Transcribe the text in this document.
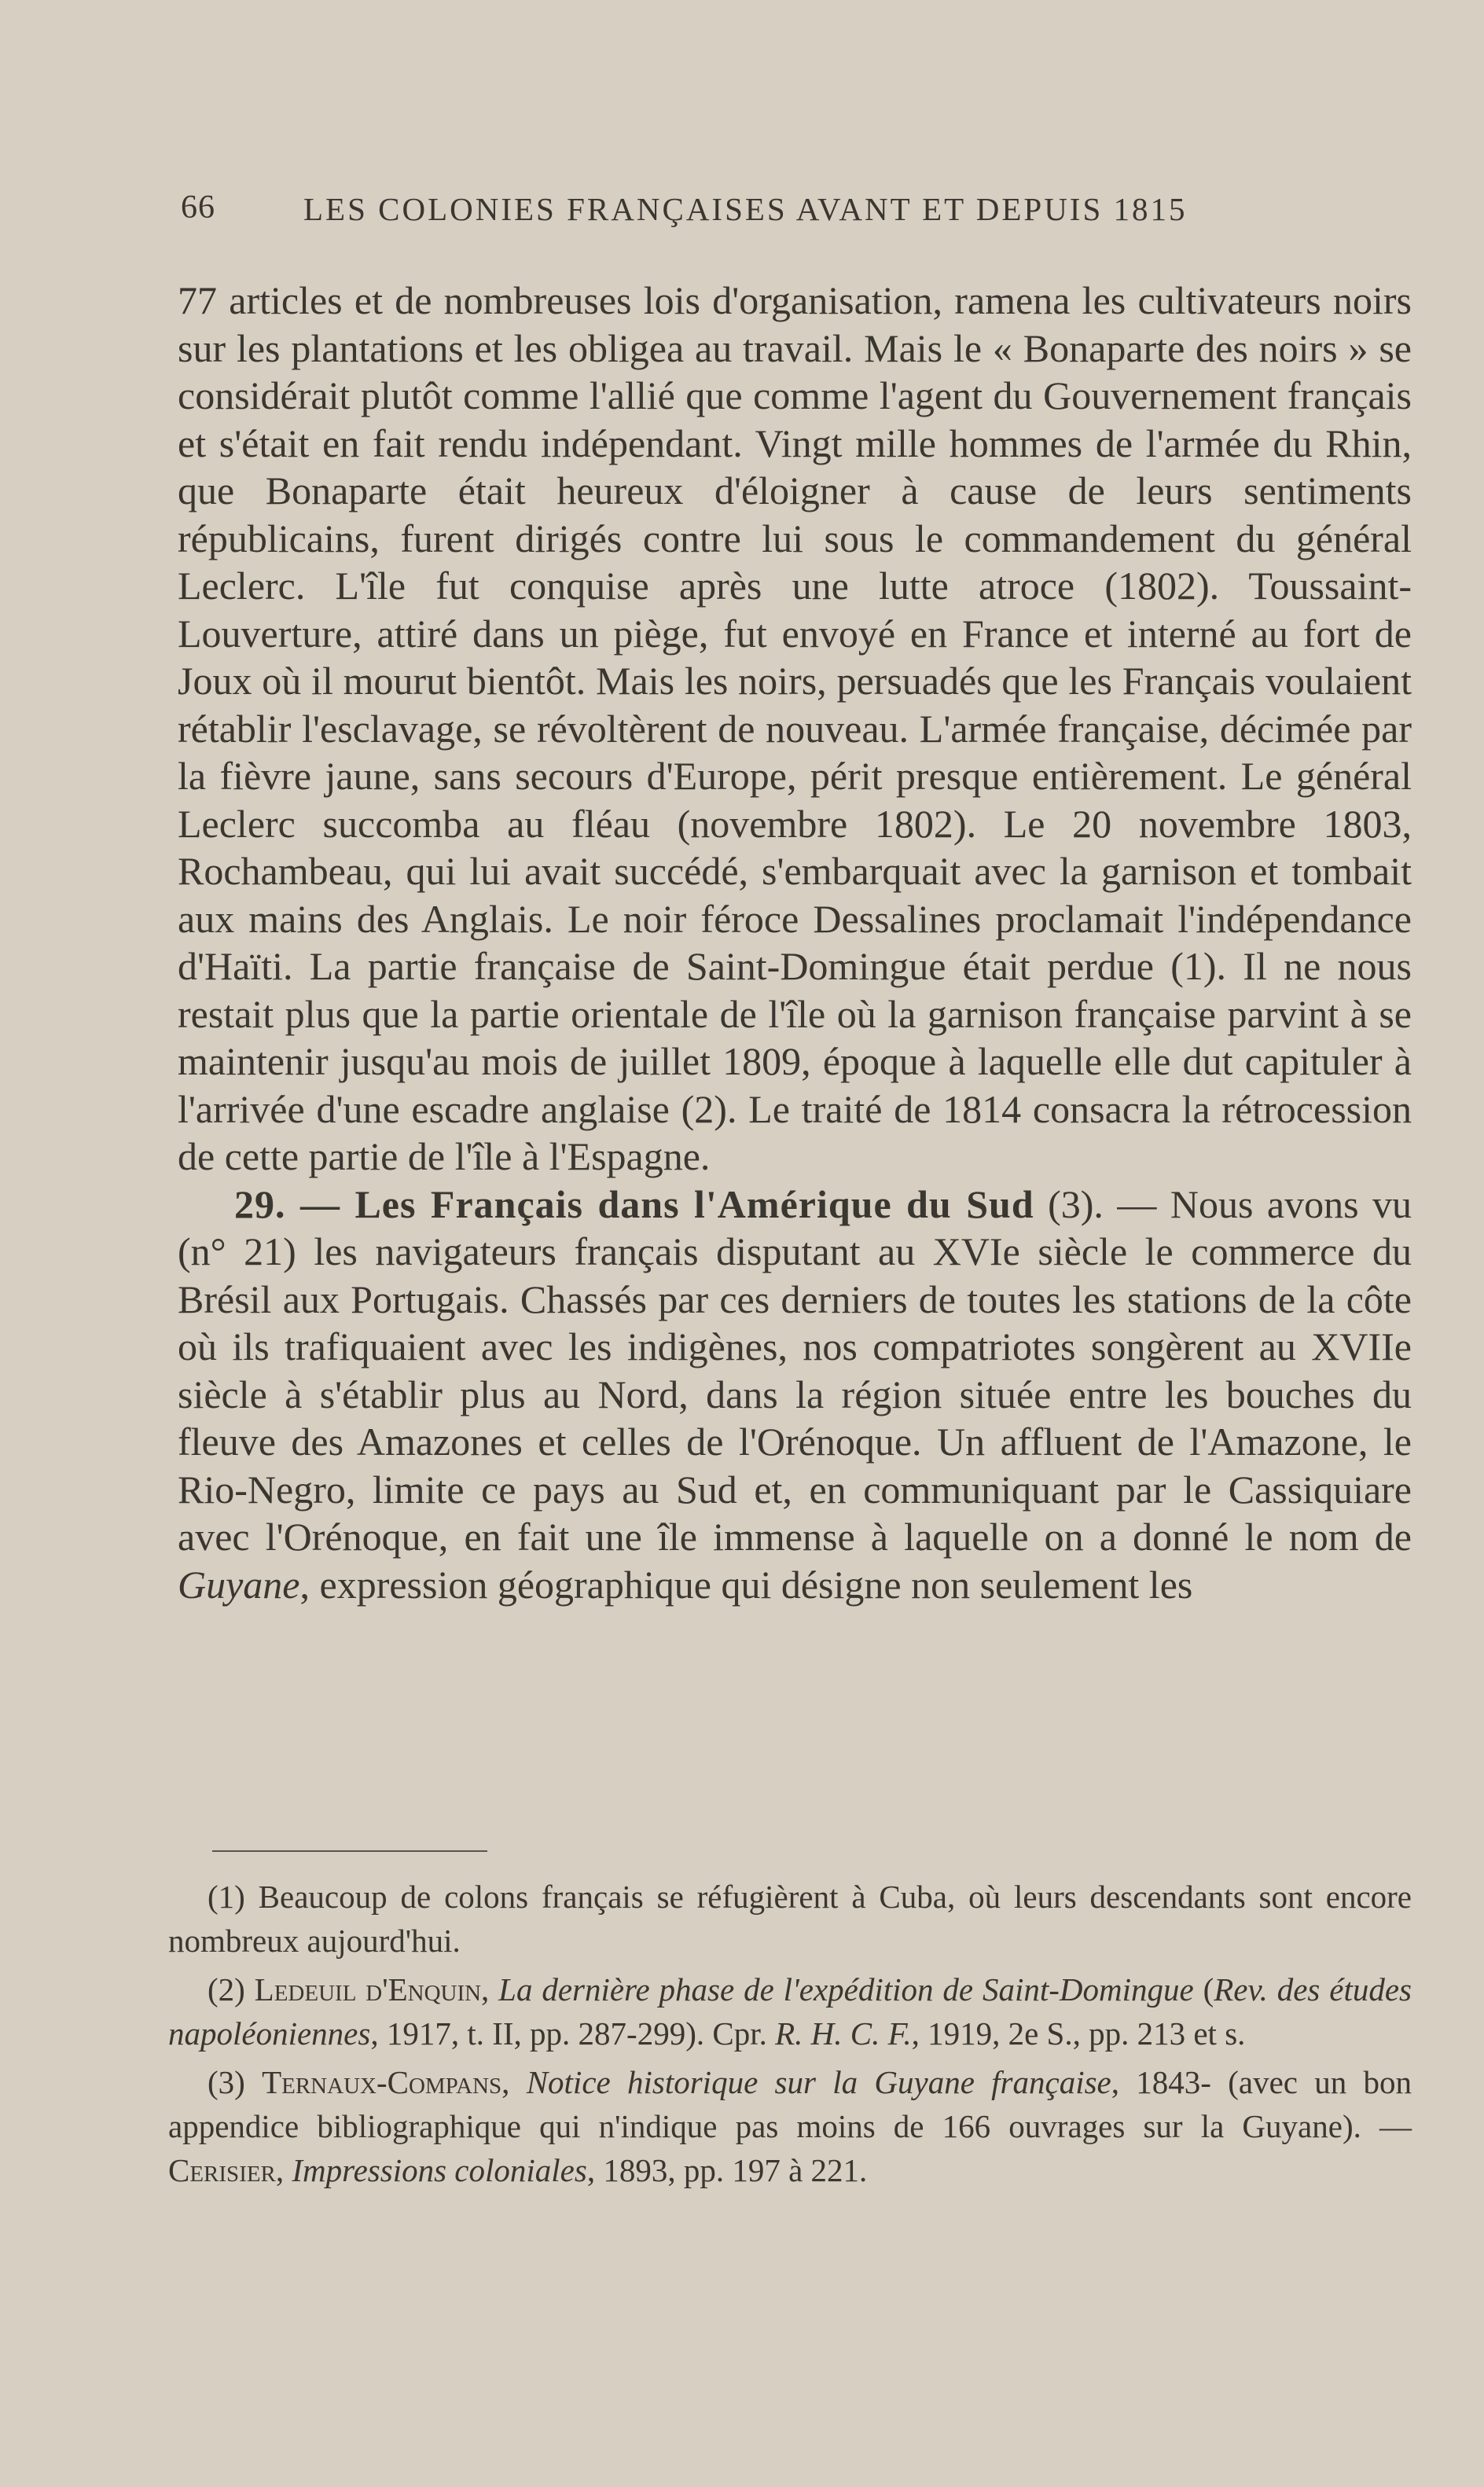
66	LES COLONIES FRANÇAISES AVANT ET DEPUIS 1815

77 articles et de nombreuses lois d'organisation, ramena les cultivateurs noirs sur les plantations et les obligea au travail. Mais le « Bonaparte des noirs » se considérait plutôt comme l'allié que comme l'agent du Gouvernement français et s'était en fait rendu indépendant. Vingt mille hommes de l'armée du Rhin, que Bonaparte était heureux d'éloigner à cause de leurs sentiments républicains, furent dirigés contre lui sous le commandement du général Leclerc. L'île fut conquise après une lutte atroce (1802). Toussaint-Louverture, attiré dans un piège, fut envoyé en France et interné au fort de Joux où il mourut bientôt. Mais les noirs, persuadés que les Français voulaient rétablir l'esclavage, se révoltèrent de nouveau. L'armée française, décimée par la fièvre jaune, sans secours d'Europe, périt presque entièrement. Le général Leclerc succomba au fléau (novembre 1802). Le 20 novembre 1803, Rochambeau, qui lui avait succédé, s'embarquait avec la garnison et tombait aux mains des Anglais. Le noir féroce Dessalines proclamait l'indépendance d'Haïti. La partie française de Saint-Domingue était perdue (1). Il ne nous restait plus que la partie orientale de l'île où la garnison française parvint à se maintenir jusqu'au mois de juillet 1809, époque à laquelle elle dut capituler à l'arrivée d'une escadre anglaise (2). Le traité de 1814 consacra la rétrocession de cette partie de l'île à l'Espagne.

29. — Les Français dans l'Amérique du Sud (3). — Nous avons vu (n° 21) les navigateurs français disputant au XVIe siècle le commerce du Brésil aux Portugais. Chassés par ces derniers de toutes les stations de la côte où ils trafiquaient avec les indigènes, nos compatriotes songèrent au XVIIe siècle à s'établir plus au Nord, dans la région située entre les bouches du fleuve des Amazones et celles de l'Orénoque. Un affluent de l'Amazone, le Rio-Negro, limite ce pays au Sud et, en communiquant par le Cassiquiare avec l'Orénoque, en fait une île immense à laquelle on a donné le nom de Guyane, expression géographique qui désigne non seulement les

(1) Beaucoup de colons français se réfugièrent à Cuba, où leurs descendants sont encore nombreux aujourd'hui.

(2) Ledeuil d'Enquin, La dernière phase de l'expédition de Saint-Domingue (Rev. des études napoléoniennes, 1917, t. II, pp. 287-299). Cpr. R. H. C. F., 1919, 2e S., pp. 213 et s.

(3) Ternaux-Compans, Notice historique sur la Guyane française, 1843- (avec un bon appendice bibliographique qui n'indique pas moins de 166 ouvrages sur la Guyane). — Cerisier, Impressions coloniales, 1893, pp. 197 à 221.
